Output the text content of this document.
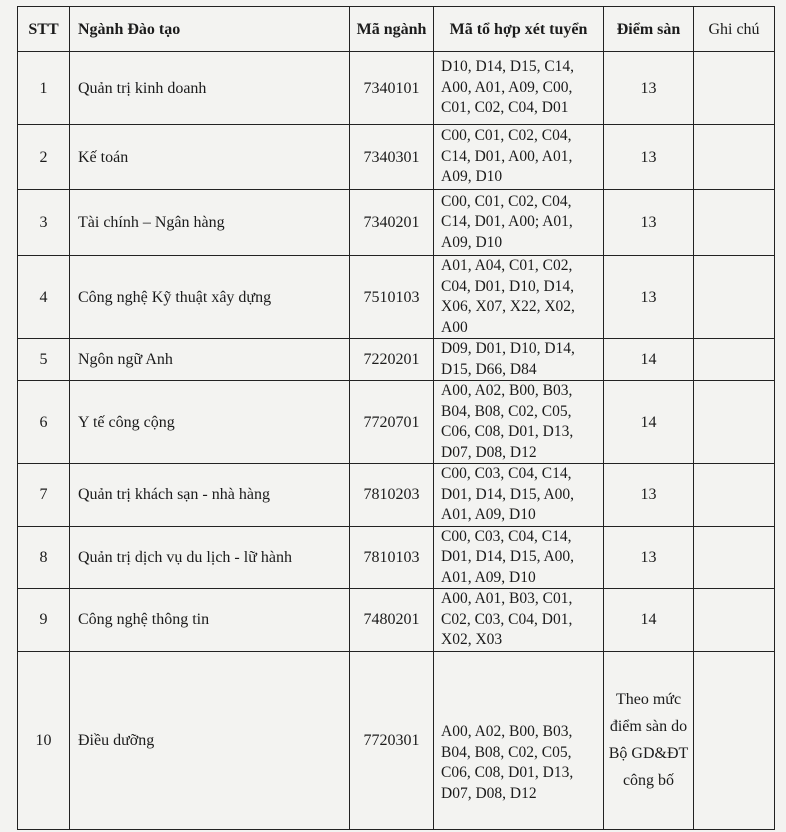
STT	Ngành Đào tạo	Mã ngành	Mã tổ hợp xét tuyển	Điểm sàn	Ghi chú
1	Quản trị kinh doanh	7340101	D10, D14, D15, C14, A00, A01, A09, C00, C01, C02, C04, D01	13	
2	Kế toán	7340301	C00, C01, C02, C04, C14, D01, A00, A01, A09, D10	13	
3	Tài chính – Ngân hàng	7340201	C00, C01, C02, C04, C14, D01, A00; A01, A09, D10	13	
4	Công nghệ Kỹ thuật xây dựng	7510103	A01, A04, C01, C02, C04, D01, D10, D14, X06, X07, X22, X02, A00	13	
5	Ngôn ngữ Anh	7220201	D09, D01, D10, D14, D15, D66, D84	14	
6	Y tế công cộng	7720701	A00, A02, B00, B03, B04, B08, C02, C05, C06, C08, D01, D13, D07, D08, D12	14	
7	Quản trị khách sạn - nhà hàng	7810203	C00, C03, C04, C14, D01, D14, D15, A00, A01, A09, D10	13	
8	Quản trị dịch vụ du lịch - lữ hành	7810103	C00, C03, C04, C14, D01, D14, D15, A00, A01, A09, D10	13	
9	Công nghệ thông tin	7480201	A00, A01, B03, C01, C02, C03, C04, D01, X02, X03	14	
10	Điều dưỡng	7720301	A00, A02, B00, B03, B04, B08, C02, C05, C06, C08, D01, D13, D07, D08, D12	Theo mức điểm sàn do Bộ GD&ĐT công bố	
